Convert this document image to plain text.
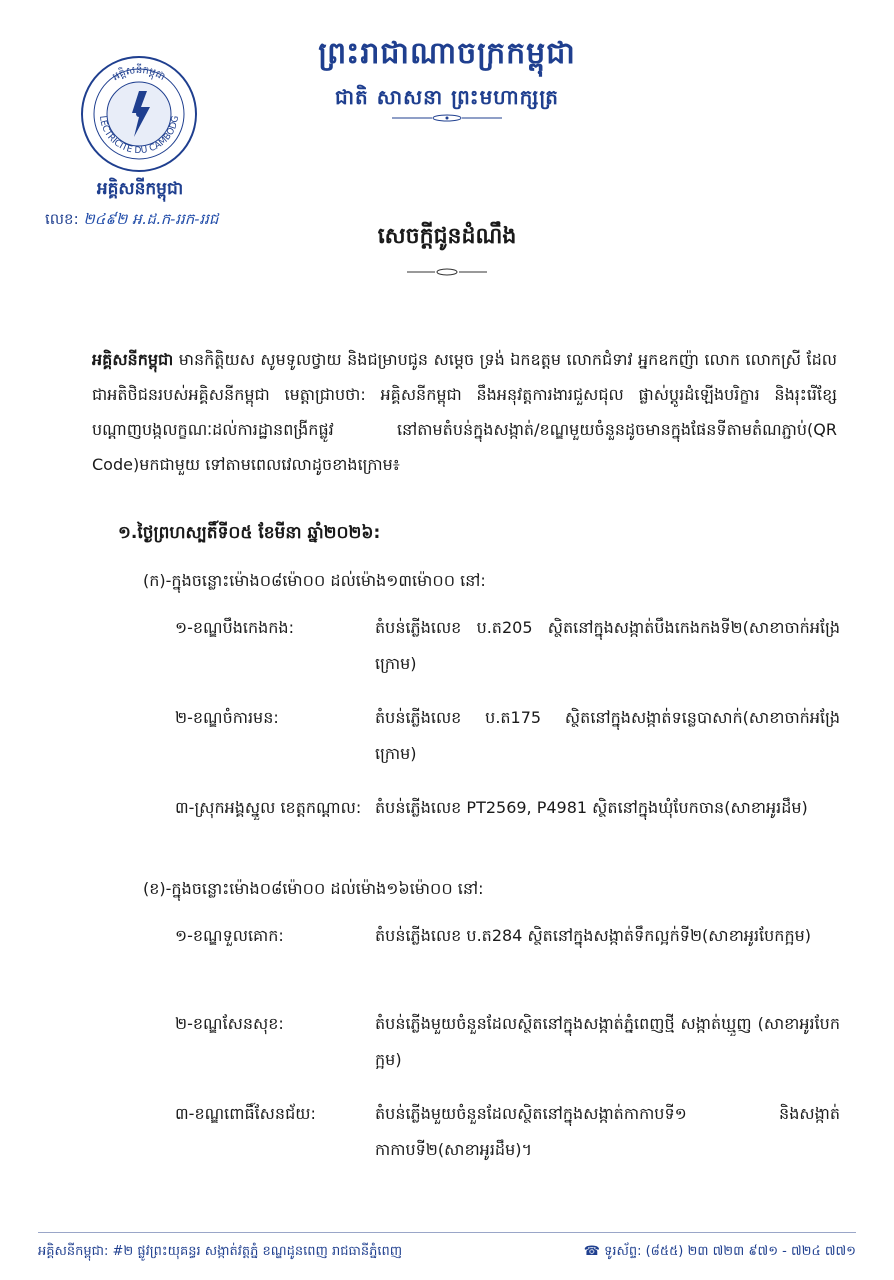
ព្រះរាជាណាចក្រកម្ពុជា
ជាតិ សាសនា ព្រះមហាក្សត្រ
LECTRICITE DU CAMBODG
អគ្គិសនីកម្ពុជា
អគ្គិសនីកម្ពុជា
លេខ: ២៤៩២ អ.ដ.ក-ររក-ររជ
សេចក្តីជូនដំណឹង
អគ្គិសនីកម្ពុជា មានកិត្តិយស សូមទូលថ្វាយ និងជម្រាបជូន សម្តេច ទ្រង់ ឯកឧត្តម លោកជំទាវ អ្នកឧកញ៉ា លោក លោកស្រី ដែលជាអតិថិជនរបស់អគ្គិសនីកម្ពុជា មេត្តាជ្រាបថា: អគ្គិសនីកម្ពុជា នឹងអនុវត្តការងារជួសជុល ផ្លាស់ប្តូរដំឡើងបរិក្ខារ និងរុះរើខ្សែបណ្តាញបង្កលក្ខណៈដល់ការដ្ឋានពង្រីកផ្លូវ នៅតាមតំបន់ក្នុងសង្កាត់/ខណ្ឌមួយចំនួនដូចមានក្នុងផែនទីតាមតំណភ្ជាប់(QR Code)មកជាមួយ ទៅតាមពេលវេលាដូចខាងក្រោម៖
១.ថ្ងៃព្រហស្បតិ៍ទី០៥ ខែមីនា ឆ្នាំ២០២៦:
(ក)-ក្នុងចន្លោះម៉ោង០៨ម៉ោ០០ ដល់ម៉ោង១៣ម៉ោ០០ នៅ:
១-ខណ្ឌបឹងកេងកង:	តំបន់ភ្លើងលេខ ប.ត205 ស្ថិតនៅក្នុងសង្កាត់បឹងកេងកងទី២(សាខាចាក់អង្រែក្រោម)
២-ខណ្ឌចំការមន:	តំបន់ភ្លើងលេខ ប.ត175 ស្ថិតនៅក្នុងសង្កាត់ទន្លេបាសាក់(សាខាចាក់អង្រែក្រោម)
៣-ស្រុកអង្គស្នួល ខេត្តកណ្តាល: តំបន់ភ្លើងលេខ PT2569, P4981 ស្ថិតនៅក្នុងឃុំបែកចាន(សាខាអូរដឹម)
(ខ)-ក្នុងចន្លោះម៉ោង០៨ម៉ោ០០ ដល់ម៉ោង១៦ម៉ោ០០ នៅ:
១-ខណ្ឌទួលគោក:	តំបន់ភ្លើងលេខ ប.ត284 ស្ថិតនៅក្នុងសង្កាត់ទឹកល្អក់ទី២(សាខាអូរបែកក្អម)
២-ខណ្ឌសែនសុខ:	តំបន់ភ្លើងមួយចំនួនដែលស្ថិតនៅក្នុងសង្កាត់ភ្នំពេញថ្មី សង្កាត់ឃ្មួញ (សាខាអូរបែកក្អម)
៣-ខណ្ឌពោធិ៍សែនជ័យ:	តំបន់ភ្លើងមួយចំនួនដែលស្ថិតនៅក្នុងសង្កាត់កាកាបទី១ និងសង្កាត់កាកាបទី២(សាខាអូរដឹម)។
អគ្គិសនីកម្ពុជា: #២ ផ្លូវព្រះយុគន្ធរ សង្កាត់វត្តភ្នំ ខណ្ឌដូនពេញ រាជធានីភ្នំពេញ	☎ ទូរស័ព្ទ: (៨៥៥) ២៣ ៧២៣ ៩៧១ - ៧២៤ ៧៧១
